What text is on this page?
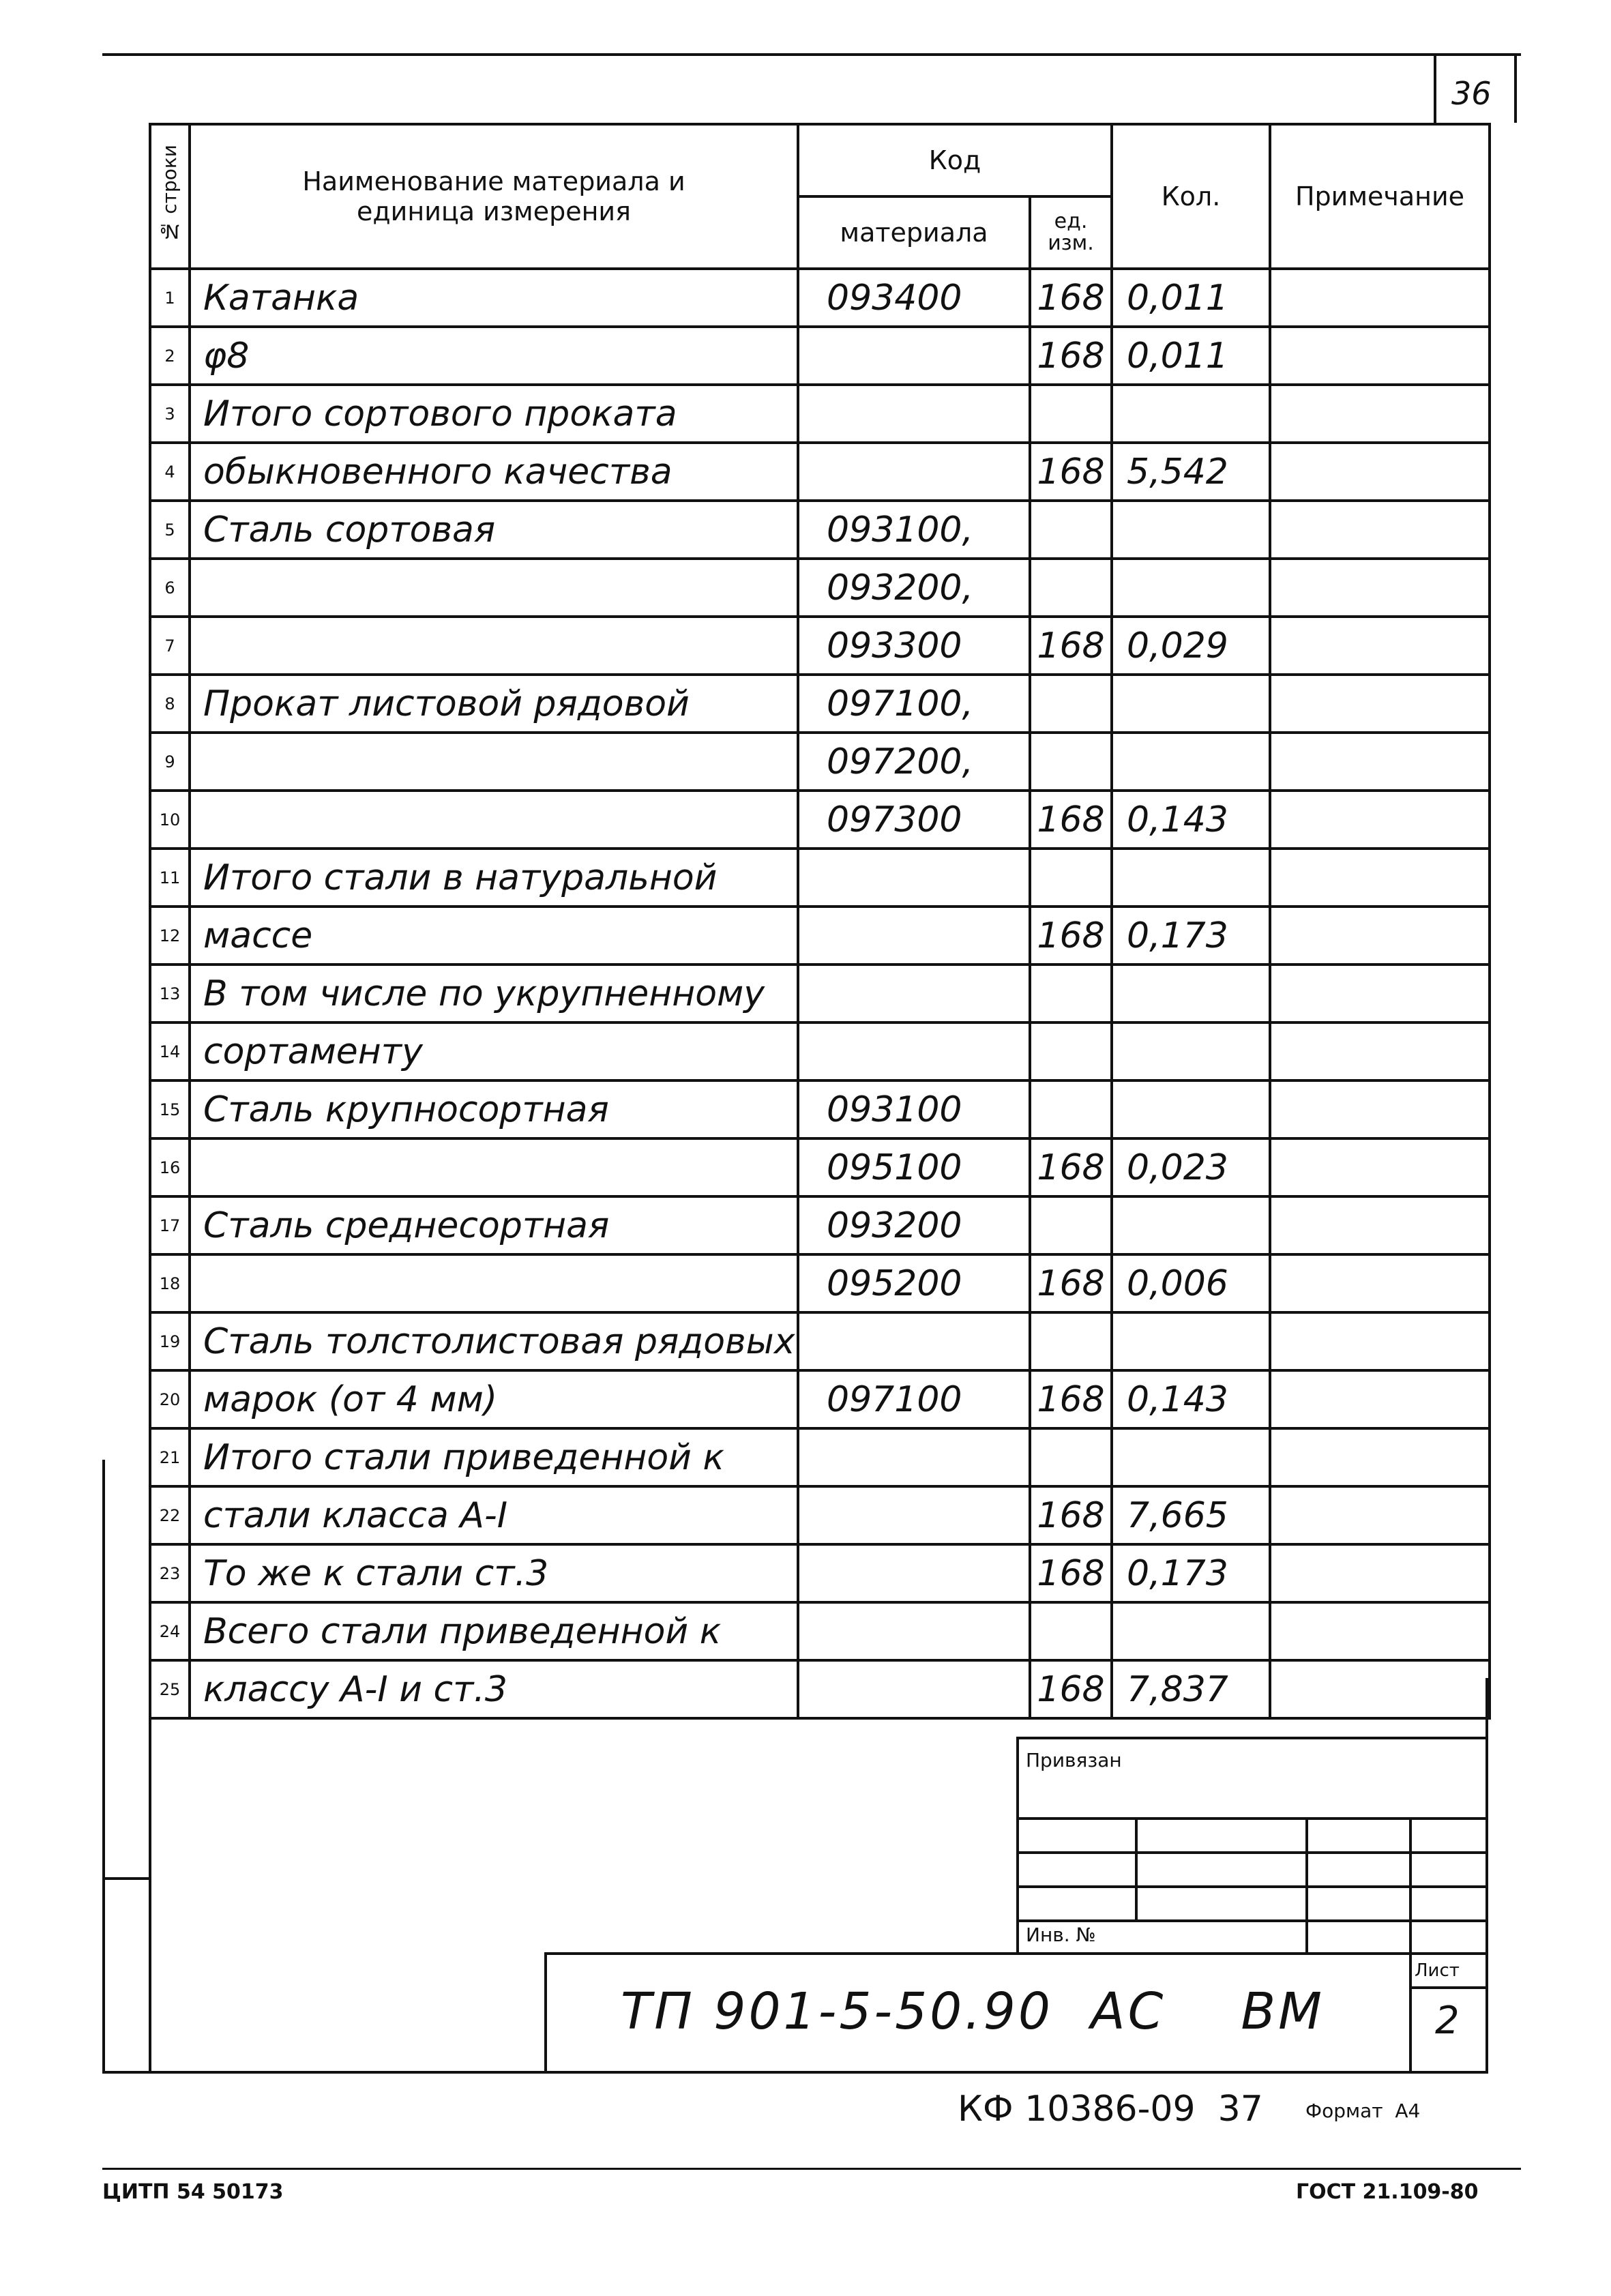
36
№ строки	Наименование материала и единица измерения	Код		Кол.	Примечание
		материала	ед. изм.		
1	Катанка	093400	168	0,011	
2	φ8		168	0,011	
3	Итого сортового проката				
4	обыкновенного качества		168	5,542	
5	Сталь сортовая	093100,			
6		093200,			
7		093300	168	0,029	
8	Прокат листовой рядовой	097100,			
9		097200,			
10		097300	168	0,143	
11	Итого стали в натуральной				
12	массе		168	0,173	
13	В том числе по укрупненному				
14	сортаменту				
15	Сталь крупносортная	093100			
16		095100	168	0,023	
17	Сталь среднесортная	093200			
18		095200	168	0,006	
19	Сталь толстолистовая рядовых				
20	марок (от 4 мм)	097100	168	0,143	
21	Итого стали приведенной к				
22	стали класса А-I		168	7,665	
23	То же к стали ст.3		168	0,173	
24	Всего стали приведенной к				
25	классу А-I и ст.3		168	7,837	
Привязан
Инв. №
ТП 901-5-50.90  АС    ВМ
Лист
2
КФ 10386-09  37 Формат  А4
ЦИТП 54 50173	ГОСТ 21.109-80
